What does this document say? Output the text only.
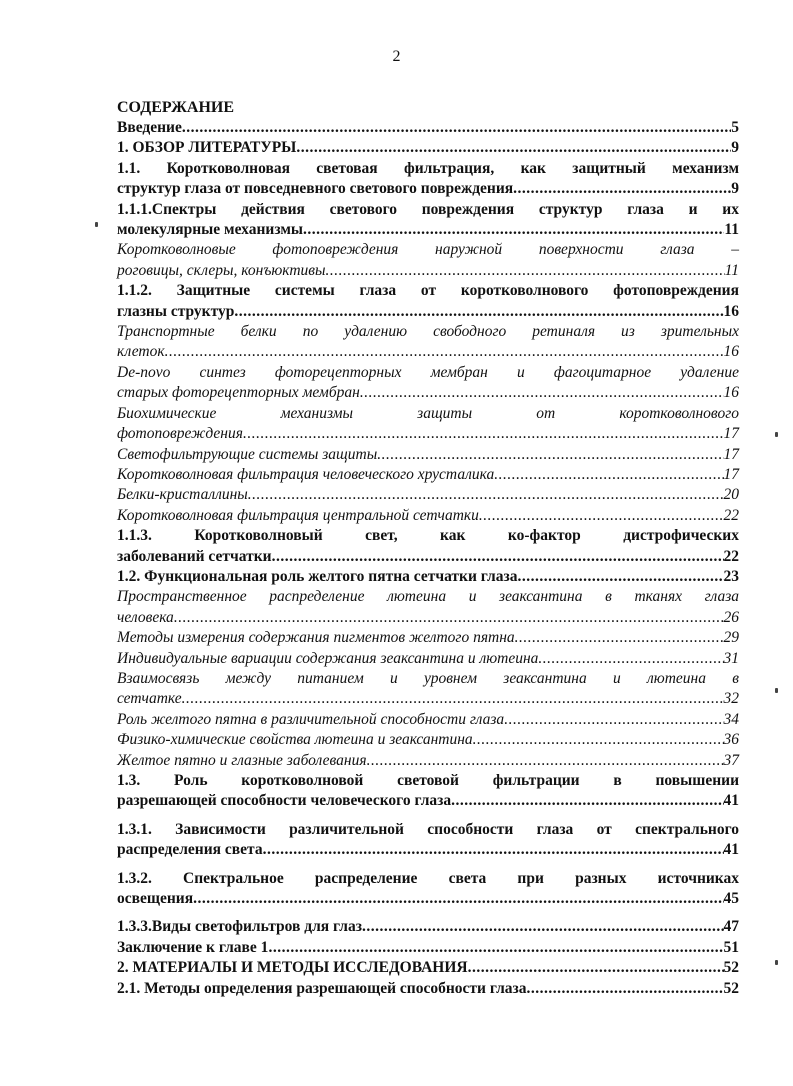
2
СОДЕРЖАНИЕ
Введение .....	5
1. ОБЗОР ЛИТЕРАТУРЫ .....	9
1.1. Коротковолновая световая фильтрация, как защитный механизм
структур глаза от повседневного светового повреждения .....	9
1.1.1.Спектры действия светового повреждения структур глаза и их
молекулярные механизмы .....	11
Коротковолновые фотоповреждения наружной поверхности глаза –
роговицы, склеры, конъюктивы .....	11
1.1.2. Защитные системы глаза от коротковолнового фотоповреждения
глазны структур .....	16
Транспортные белки по удалению свободного ретиналя из зрительных
клеток .....	16
De-novo синтез фоторецепторных мембран и фагоцитарное удаление
старых фоторецепторных мембран .....	16
Биохимические механизмы защиты от коротковолнового
фотоповреждения .....	17
Светофильтрующие системы защиты .....	17
Коротковолновая фильтрация человеческого хрусталика .....	17
Белки-кристаллины .....	20
Коротковолновая фильтрация центральной сетчатки .....	22
1.1.3. Коротковолновый свет, как ко-фактор дистрофических
заболеваний сетчатки .....	22
1.2. Функциональная роль желтого пятна сетчатки глаза .....	23
Пространственное распределение лютеина и зеаксантина в тканях глаза
человека .....	26
Методы измерения содержания пигментов желтого пятна .....	29
Индивидуальные вариации содержания зеаксантина и лютеина .....	31
Взаимосвязь между питанием и уровнем зеаксантина и лютеина в
сетчатке .....	32
Роль желтого пятна в различительной способности глаза .....	34
Физико-химические свойства лютеина и зеаксантина .....	36
Желтое пятно и глазные заболевания .....	37
1.3. Роль коротковолновой световой фильтрации в повышении
разрешающей способности человеческого глаза .....	41
1.3.1. Зависимости различительной способности глаза от спектрального
распределения света .....	41
1.3.2. Спектральное распределение света при разных источниках
освещения .....	45
1.3.3.Виды светофильтров для глаз .....	47
Заключение к главе 1 .....	51
2. МАТЕРИАЛЫ И МЕТОДЫ ИССЛЕДОВАНИЯ .....	52
2.1. Методы определения разрешающей способности глаза .....	52
